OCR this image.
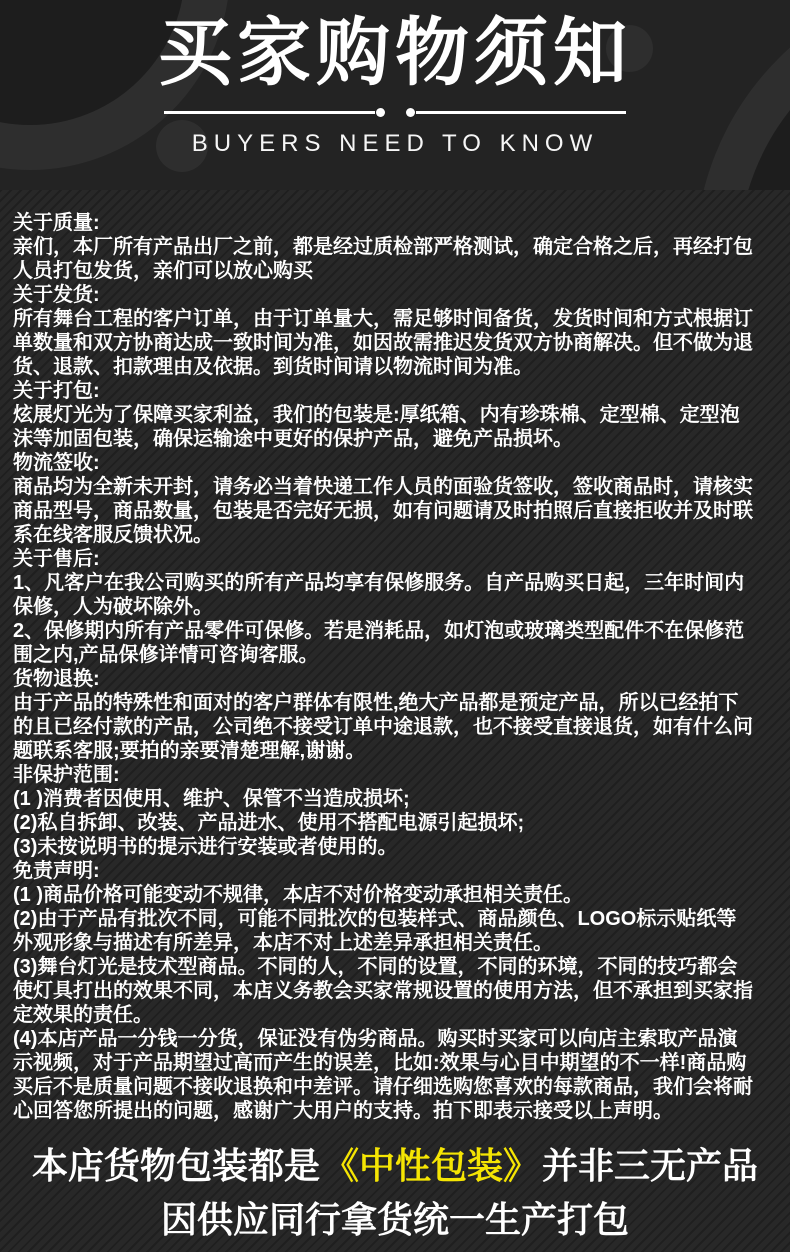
买家购物须知
BUYERS NEED TO KNOW
关于质量:
亲们，本厂所有产品出厂之前，都是经过质检部严格测试，确定合格之后，再经打包
人员打包发货，亲们可以放心购买
关于发货:
所有舞台工程的客户订单，由于订单量大，需足够时间备货，发货时间和方式根据订
单数量和双方协商达成一致时间为准，如因故需推迟发货双方协商解决。但不做为退
货、退款、扣款理由及依据。到货时间请以物流时间为准。
关于打包:
炫展灯光为了保障买家利益，我们的包装是:厚纸箱、内有珍珠棉、定型棉、定型泡
沫等加固包装，确保运输途中更好的保护产品，避免产品损坏。
物流签收:
商品均为全新未开封，请务必当着快递工作人员的面验货签收，签收商品时，请核实
商品型号，商品数量，包装是否完好无损，如有问题请及时拍照后直接拒收并及时联
系在线客服反馈状况。
关于售后:
1、凡客户在我公司购买的所有产品均享有保修服务。自产品购买日起，三年时间内
保修，人为破坏除外。
2、保修期内所有产品零件可保修。若是消耗品，如灯泡或玻璃类型配件不在保修范
围之内,产品保修详情可咨询客服。
货物退换:
由于产品的特殊性和面对的客户群体有限性,绝大产品都是预定产品，所以已经拍下
的且已经付款的产品，公司绝不接受订单中途退款，也不接受直接退货，如有什么问
题联系客服;要拍的亲要清楚理解,谢谢。
非保护范围:
(1 )消费者因使用、维护、保管不当造成损坏;
(2)私自拆卸、改装、产品进水、使用不搭配电源引起损坏;
(3)未按说明书的提示进行安装或者使用的。
免责声明:
(1 )商品价格可能变动不规律，本店不对价格变动承担相关责任。
(2)由于产品有批次不同，可能不同批次的包装样式、商品颜色、LOGO标示贴纸等
外观形象与描述有所差异，本店不对上述差异承担相关责任。
(3)舞台灯光是技术型商品。不同的人，不同的设置，不同的环境，不同的技巧都会
使灯具打出的效果不同，本店义务教会买家常规设置的使用方法，但不承担到买家指
定效果的责任。
(4)本店产品一分钱一分货，保证没有伪劣商品。购买时买家可以向店主索取产品演
示视频，对于产品期望过高而产生的误差，比如:效果与心目中期望的不一样!商品购
买后不是质量问题不接收退换和中差评。请仔细选购您喜欢的每款商品，我们会将耐
心回答您所提出的问题，感谢广大用户的支持。拍下即表示接受以上声明。
本店货物包装都是《中性包装》并非三无产品
因供应同行拿货统一生产打包
